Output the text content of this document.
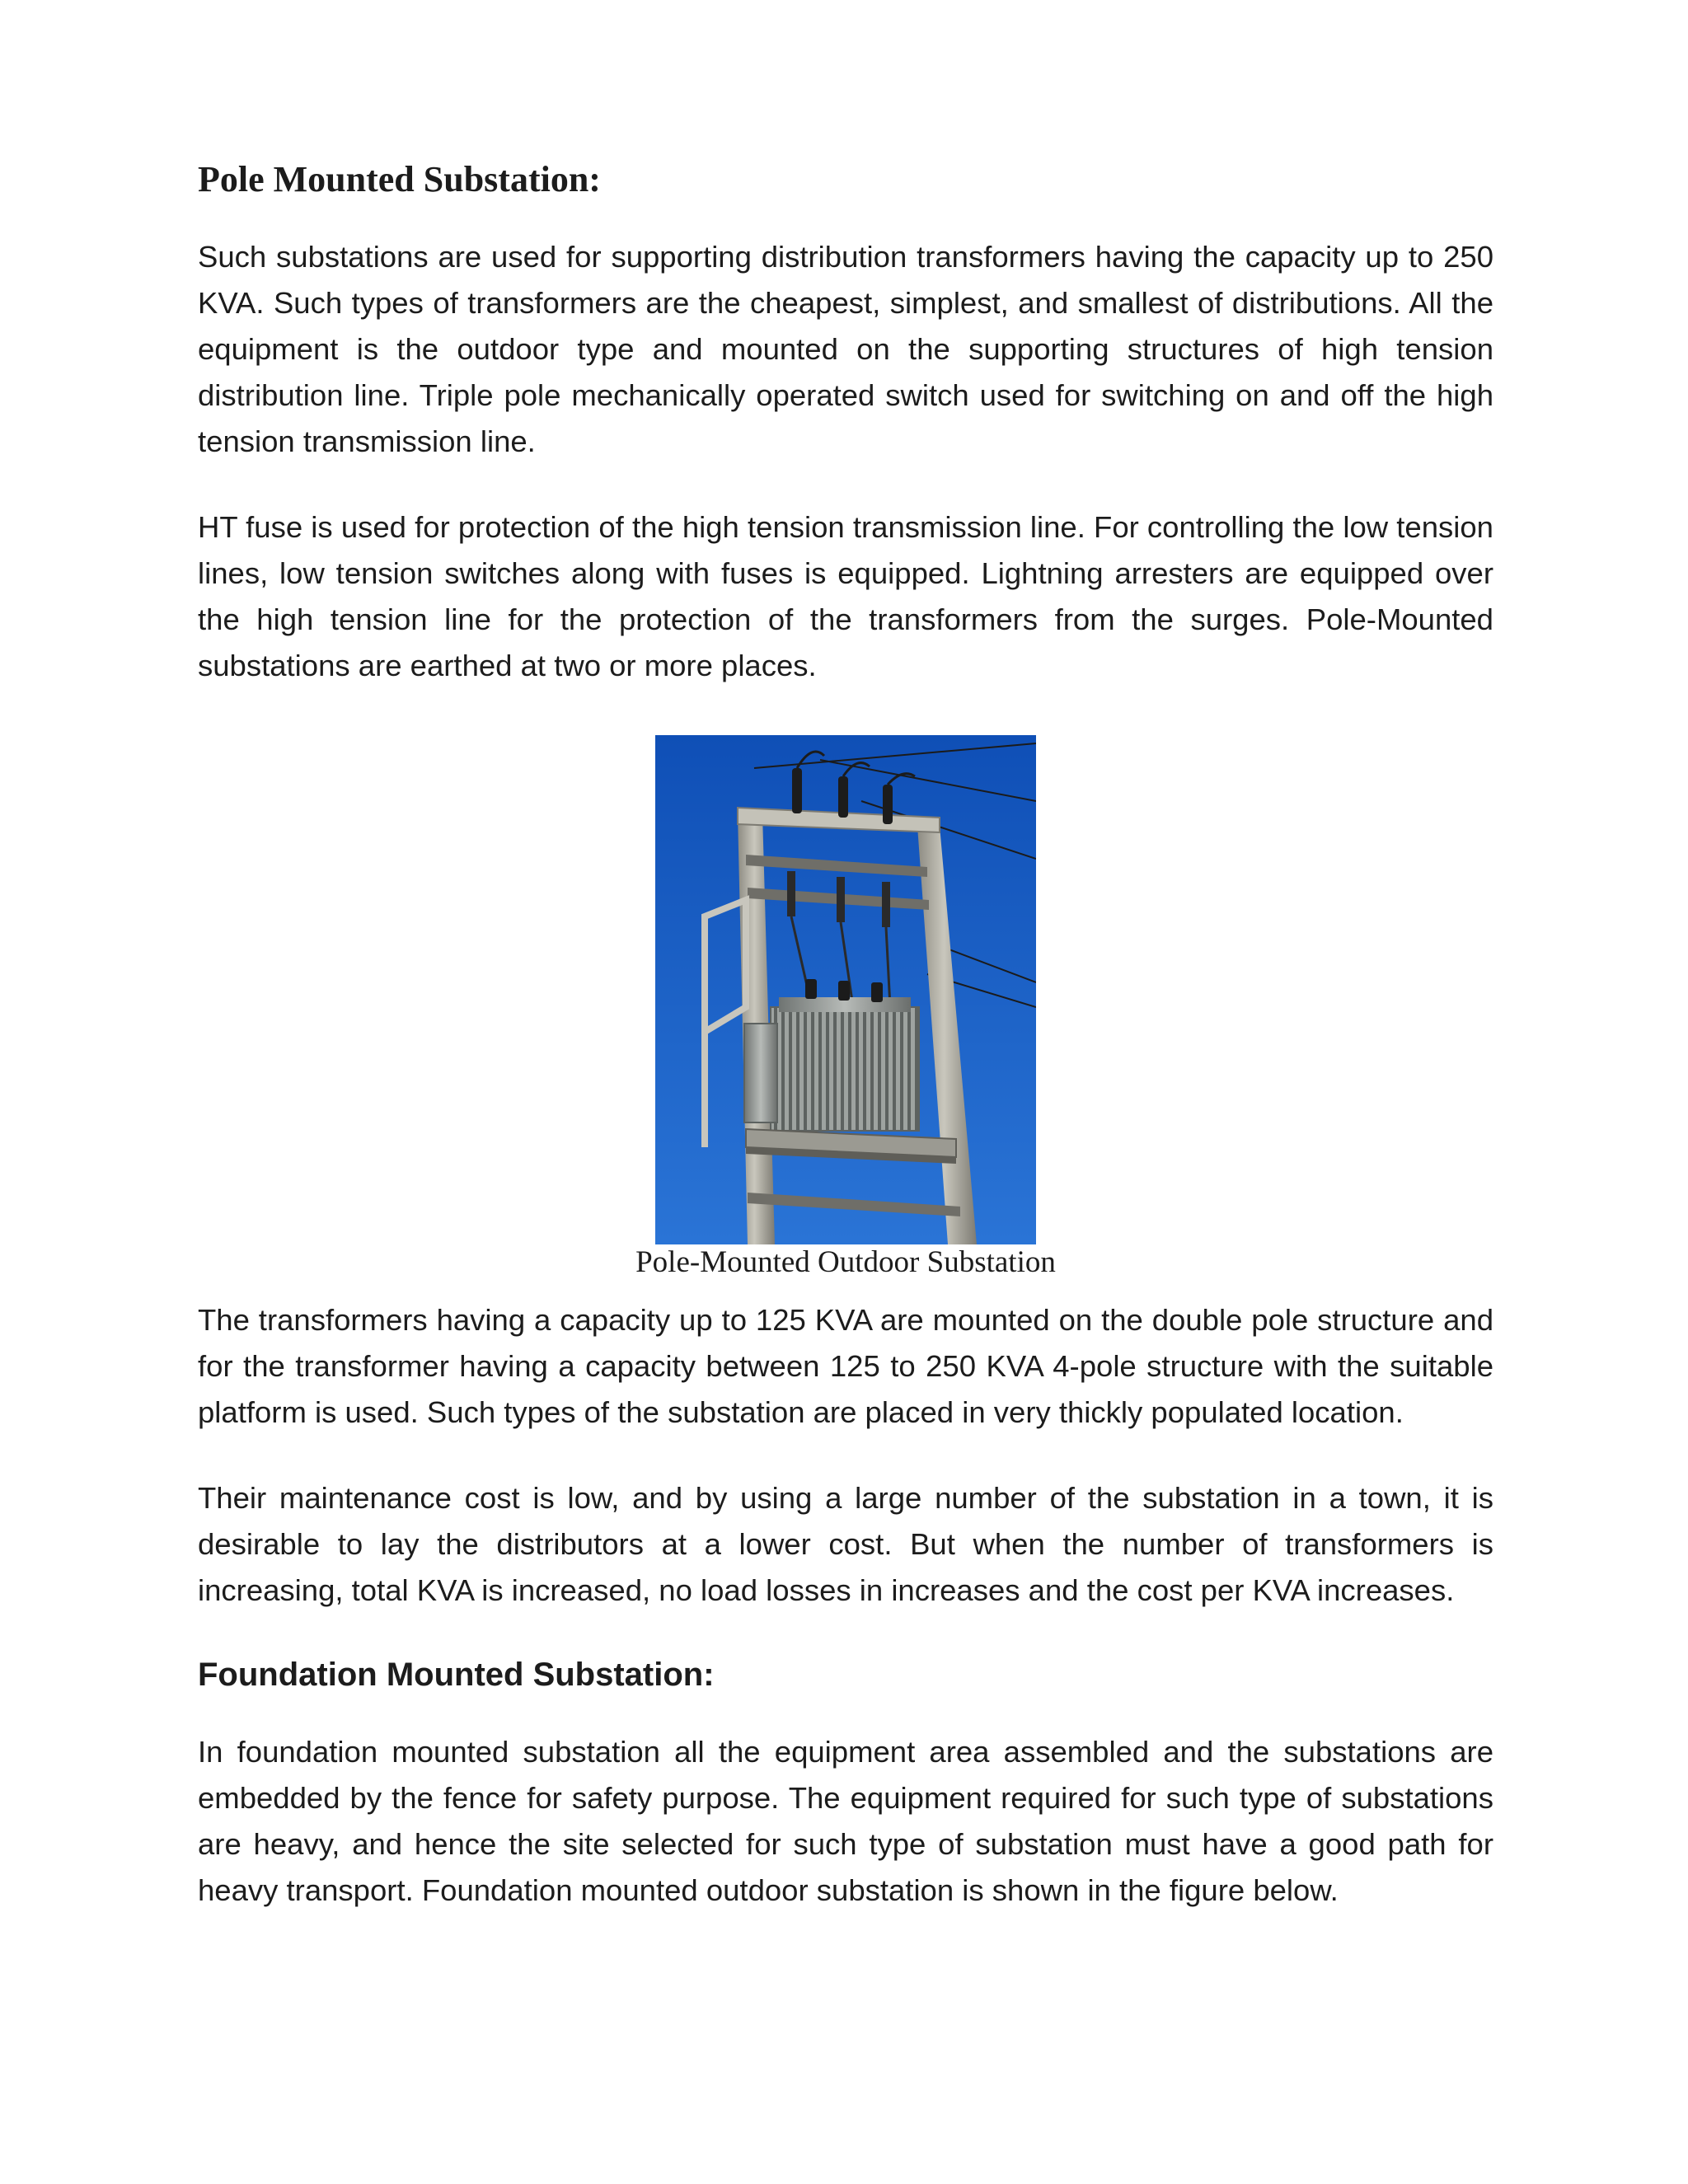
Pole Mounted Substation:

Such substations are used for supporting distribution transformers having the capacity up to 250 KVA. Such types of transformers are the cheapest, simplest, and smallest of distributions. All the equipment is the outdoor type and mounted on the supporting structures of high tension distribution line. Triple pole mechanically operated switch used for switching on and off the high tension transmission line.

HT fuse is used for protection of the high tension transmission line. For controlling the low tension lines, low tension switches along with fuses is equipped. Lightning arresters are equipped over the high tension line for the protection of the transformers from the surges. Pole-Mounted substations are earthed at two or more places.

Pole-Mounted Outdoor Substation

The transformers having a capacity up to 125 KVA are mounted on the double pole structure and for the transformer having a capacity between 125 to 250 KVA 4-pole structure with the suitable platform is used. Such types of the substation are placed in very thickly populated location.

Their maintenance cost is low, and by using a large number of the substation in a town, it is desirable to lay the distributors at a lower cost. But when the number of transformers is increasing, total KVA is increased, no load losses in increases and the cost per KVA increases.

Foundation Mounted Substation:

In foundation mounted substation all the equipment area assembled and the substations are embedded by the fence for safety purpose. The equipment required for such type of substations are heavy, and hence the site selected for such type of substation must have a good path for heavy transport. Foundation mounted outdoor substation is shown in the figure below.
